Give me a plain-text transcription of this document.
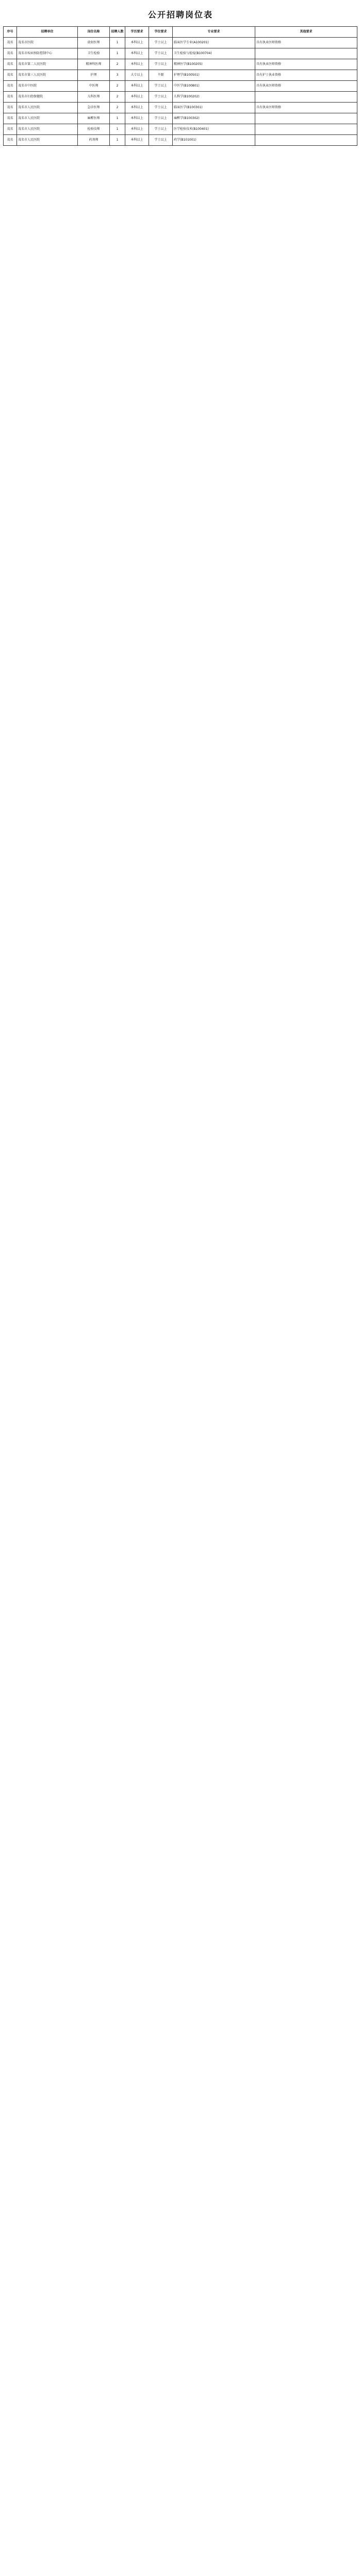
公开招聘岗位表
序号	招聘单位	岗位名称	招聘人数	学历要求	学位要求	专业要求	其他要求
茂名	茂名市医院	放射医师	1	本科以上	学士以上	临床医学专业(A100201)	具有执业医师资格
茂名	茂名市疾病预防控制中心	卫生检验	1	本科以上	学士以上	卫生检验与检疫(B100704)	
茂名	茂名市第二人民医院	精神科医师	2	本科以上	学士以上	精神医学(B100205)	具有执业医师资格
茂名	茂名市第三人民医院	护理	3	大专以上	不限	护理学(B100501)	具有护士执业资格
茂名	茂名市中医院	中医师	2	本科以上	学士以上	中医学(B100801)	具有执业医师资格
茂名	茂名市妇幼保健院	儿科医师	2	本科以上	学士以上	儿科学(B100202)	
茂名	茂名市人民医院	急诊医师	2	本科以上	学士以上	临床医学(B100301)	具有执业医师资格
茂名	茂名市人民医院	麻醉医师	1	本科以上	学士以上	麻醉学(B100302)	
茂名	茂名市人民医院	检验技师	1	本科以上	学士以上	医学检验技术(B100401)	
茂名	茂名市人民医院	药剂师	1	本科以上	学士以上	药学(B101001)	
